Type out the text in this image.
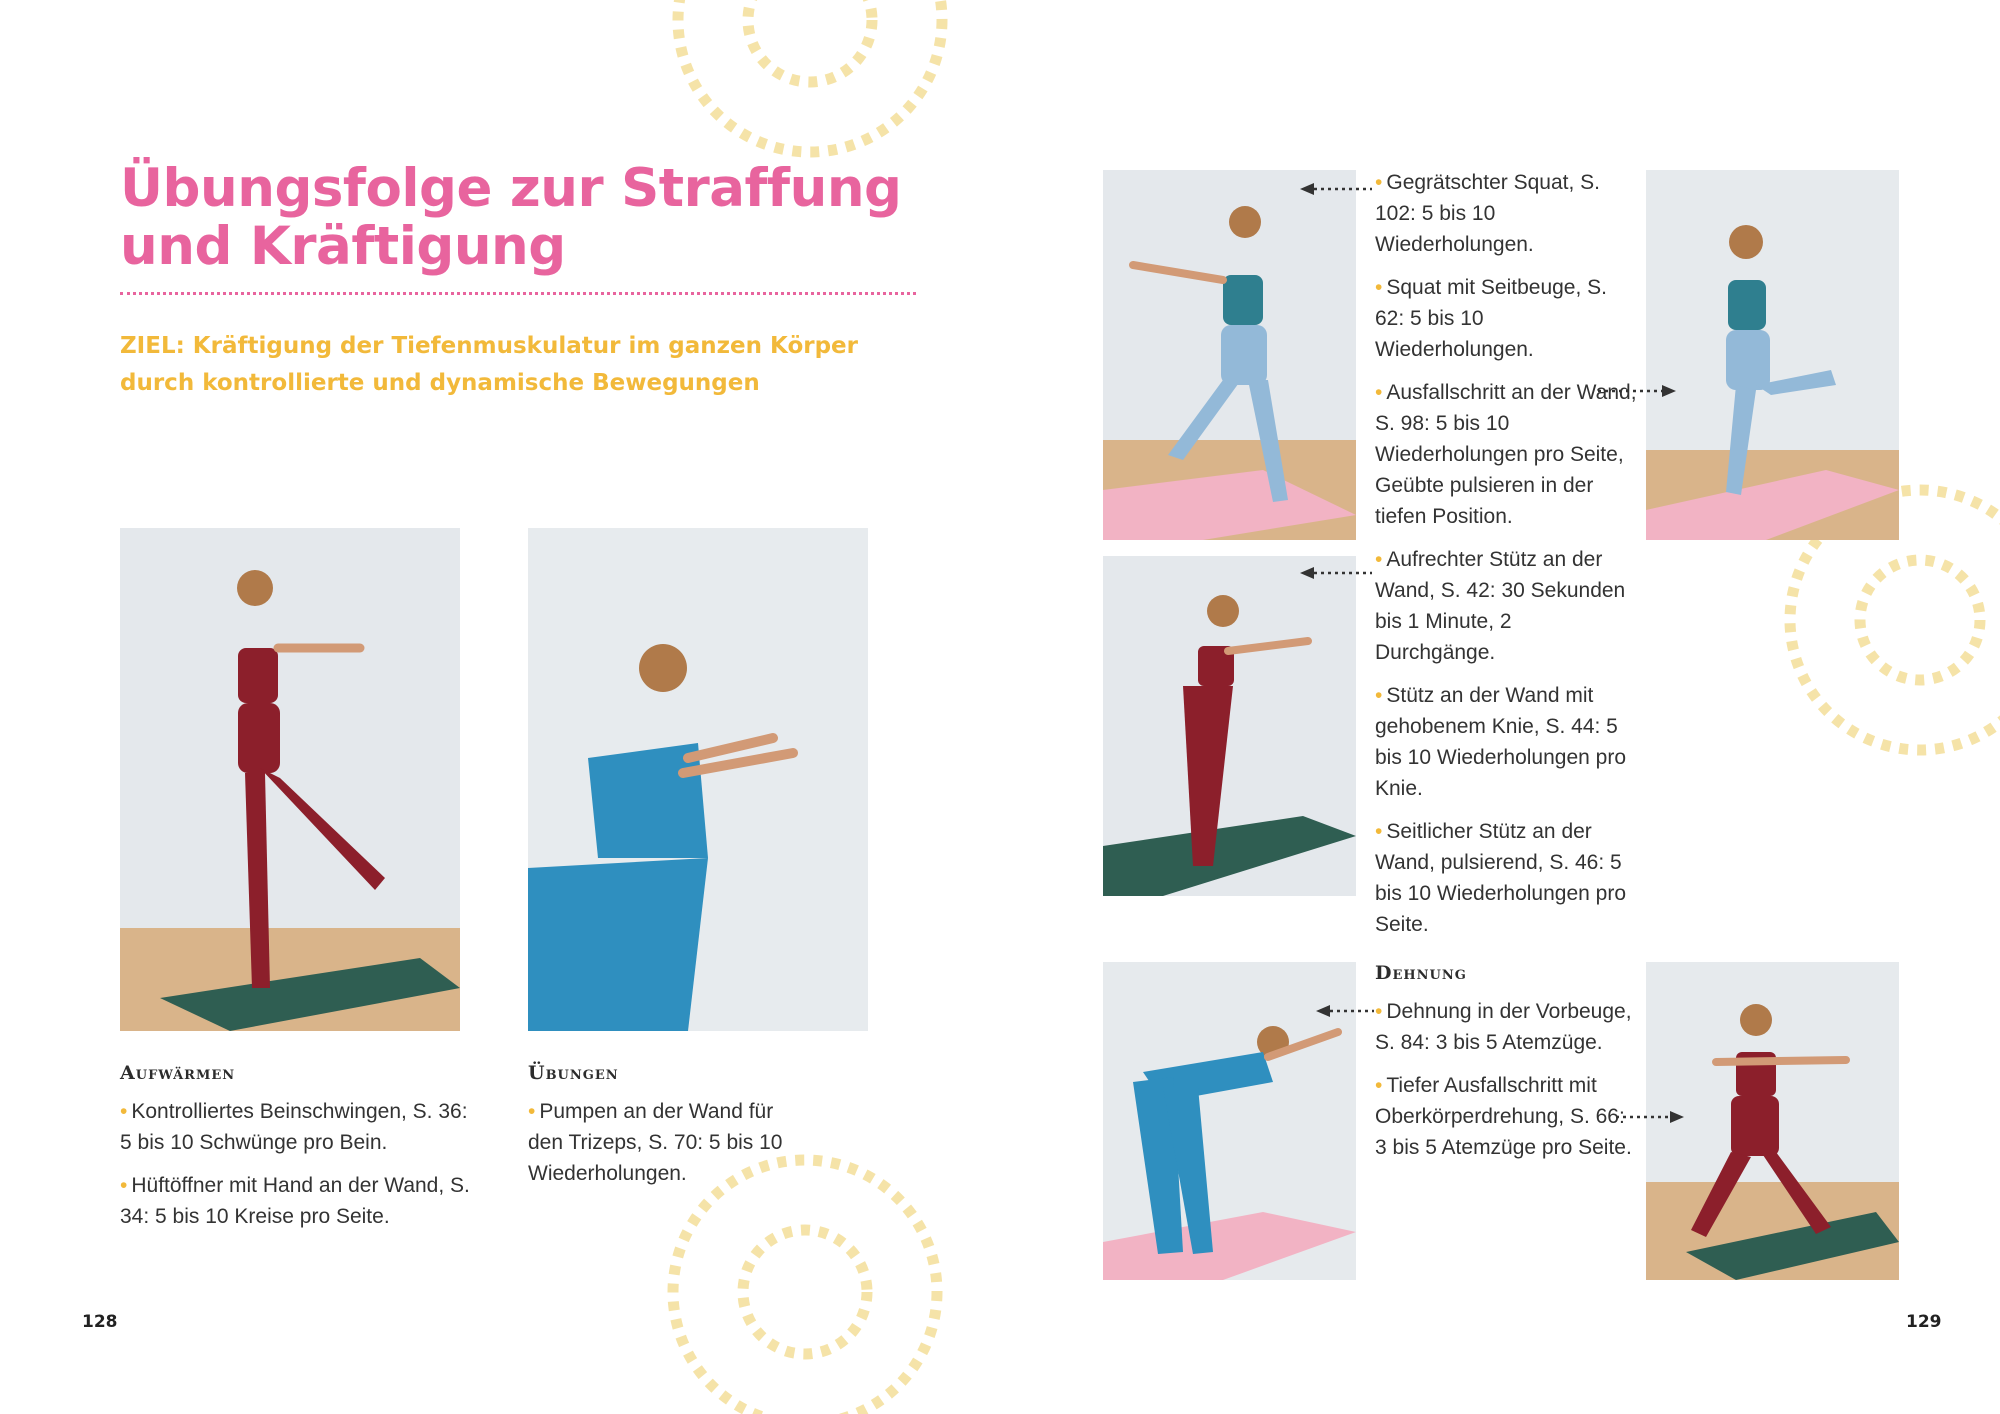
Übungsfolge zur Straffung und Kräftigung
ZIEL: Kräftigung der Tiefenmuskulatur im ganzen Körper durch kontrollierte und dynamische Bewegungen
Aufwärmen

• Kontrolliertes Beinschwingen, S. 36: 5 bis 10 Schwünge pro Bein.

• Hüftöffner mit Hand an der Wand, S. 34: 5 bis 10 Kreise pro Seite.

Übungen

• Pumpen an der Wand für den Trizeps, S. 70: 5 bis 10 Wiederholungen.

128

• Gegrätschter Squat, S. 102: 5 bis 10 Wiederholungen.

• Squat mit Seitbeuge, S. 62: 5 bis 10 Wiederholungen.

• Ausfallschritt an der Wand, S. 98: 5 bis 10 Wiederholungen pro Seite, Geübte pulsieren in der tiefen Position.

• Aufrechter Stütz an der Wand, S. 42: 30 Sekunden bis 1 Minute, 2 Durchgänge.

• Stütz an der Wand mit gehobenem Knie, S. 44: 5 bis 10 Wiederholungen pro Knie.

• Seitlicher Stütz an der Wand, pulsierend, S. 46: 5 bis 10 Wiederholungen pro Seite.

Dehnung

• Dehnung in der Vorbeuge, S. 84: 3 bis 5 Atemzüge.

• Tiefer Ausfallschritt mit Oberkörperdrehung, S. 66: 3 bis 5 Atemzüge pro Seite.

129
